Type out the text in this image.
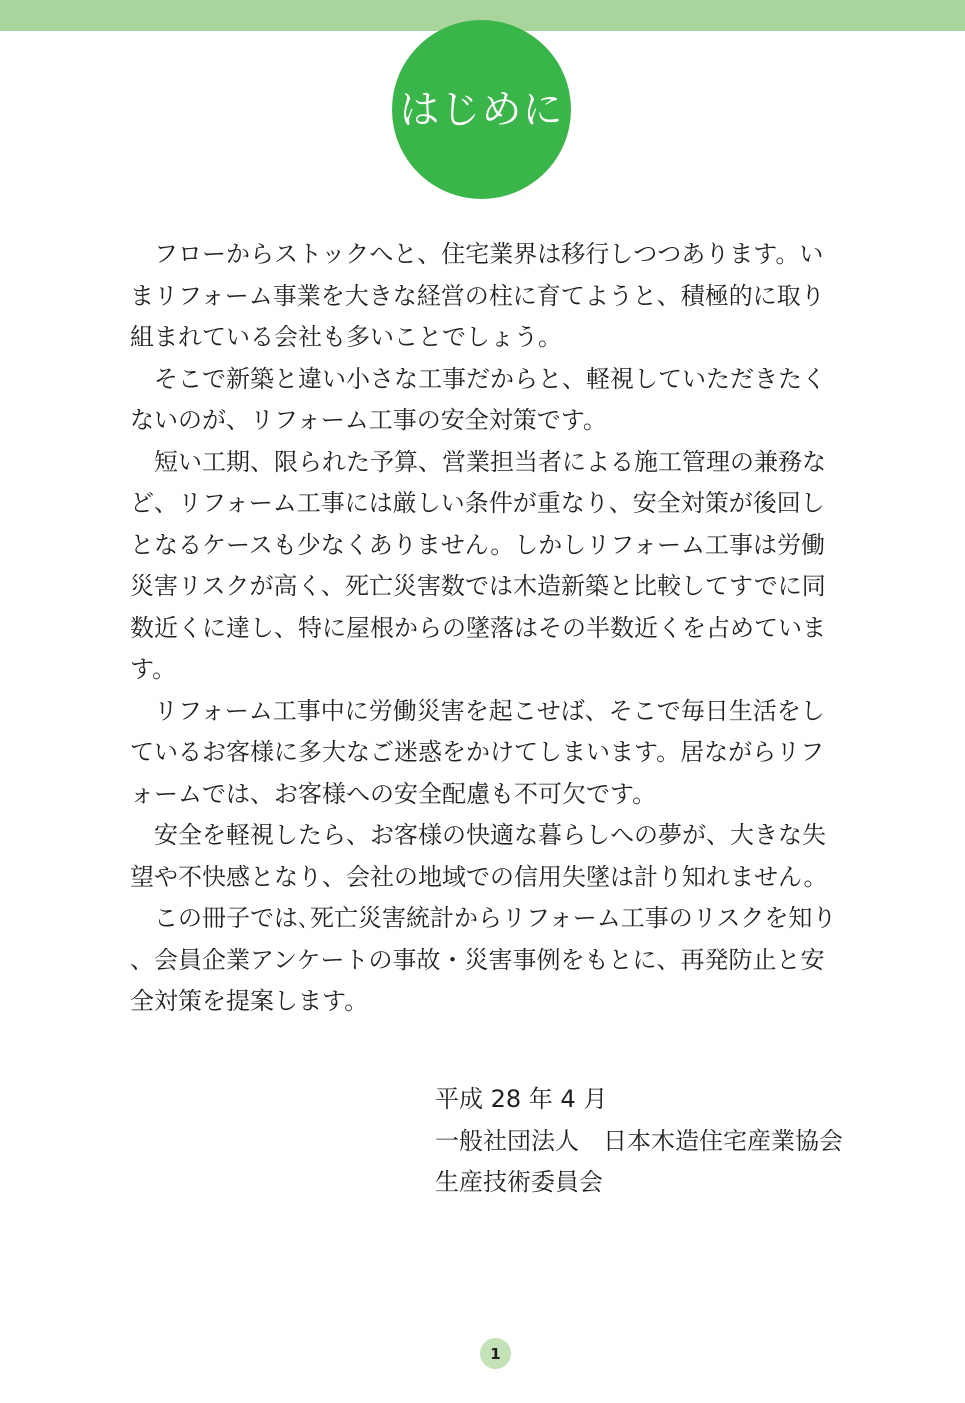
はじめに

フローからストックへと、住宅業界は移行しつつあります。いまリフォーム事業を大きな経営の柱に育てようと、積極的に取り組まれている会社も多いことでしょう。

そこで新築と違い小さな工事だからと、軽視していただきたくないのが、リフォーム工事の安全対策です。

短い工期、限られた予算、営業担当者による施工管理の兼務など、リフォーム工事には厳しい条件が重なり、安全対策が後回しとなるケースも少なくありません。しかしリフォーム工事は労働災害リスクが高く、死亡災害数では木造新築と比較してすでに同数近くに達し、特に屋根からの墜落はその半数近くを占めています。

リフォーム工事中に労働災害を起こせば、そこで毎日生活をしているお客様に多大なご迷惑をかけてしまいます。居ながらリフォームでは、お客様への安全配慮も不可欠です。

安全を軽視したら、お客様の快適な暮らしへの夢が、大きな失望や不快感となり、会社の地域での信用失墜は計り知れません。

この冊子では､死亡災害統計からリフォーム工事のリスクを知り、会員企業アンケートの事故・災害事例をもとに、再発防止と安全対策を提案します。

平成 28 年 4 月
一般社団法人　日本木造住宅産業協会
生産技術委員会
1
